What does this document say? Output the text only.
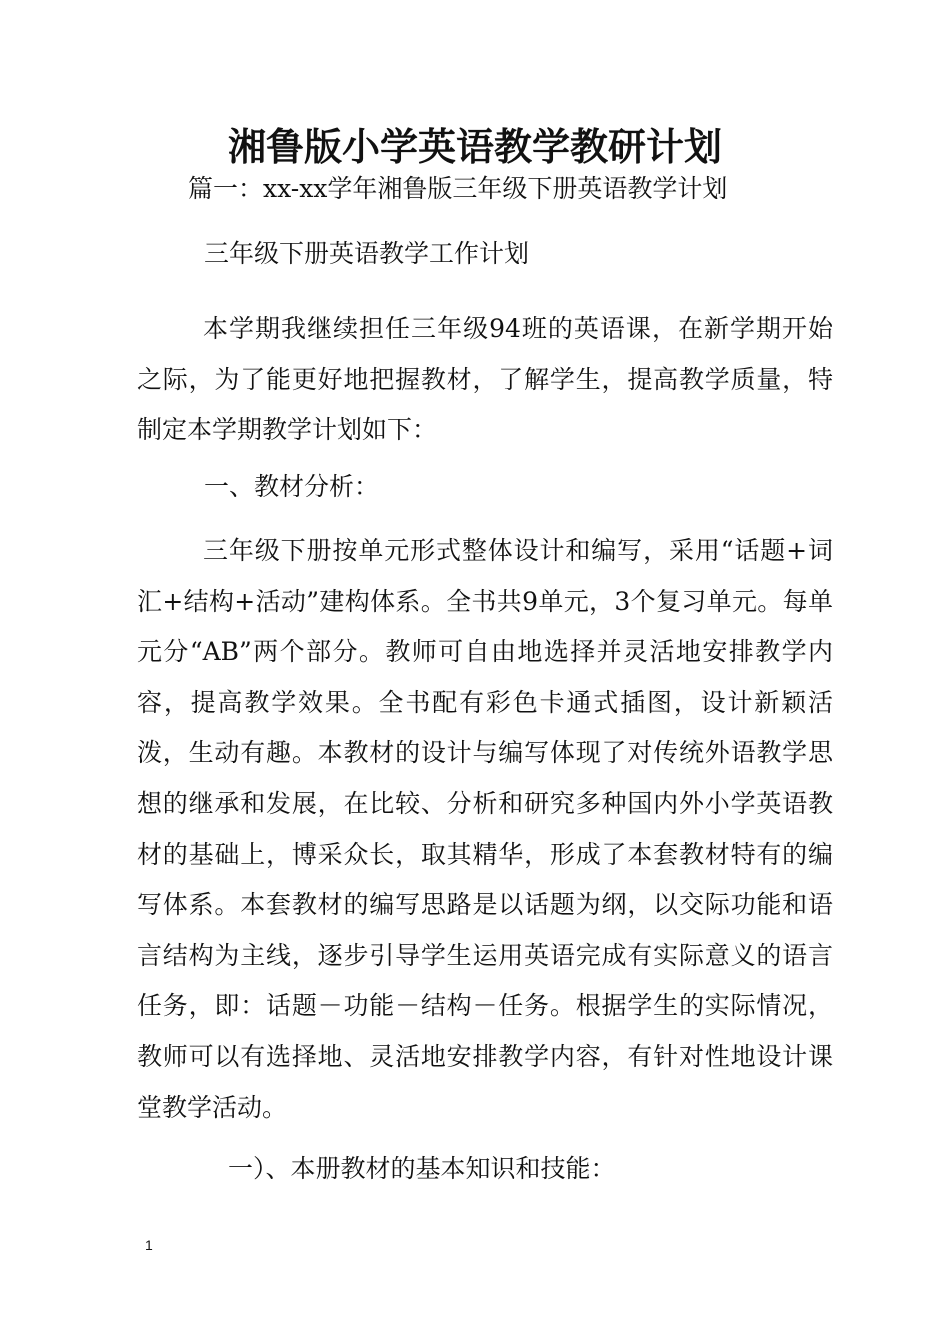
湘鲁版小学英语教学教研计划
篇一：xx-xx学年湘鲁版三年级下册英语教学计划
三年级下册英语教学工作计划

本学期我继续担任三年级94班的英语课，在新学期开始之际，为了能更好地把握教材，了解学生，提高教学质量，特制定本学期教学计划如下：

一、教材分析：

三年级下册按单元形式整体设计和编写，采用“话题+词汇+结构+活动”建构体系。全书共9单元，3个复习单元。每单元分“AB”两个部分。教师可自由地选择并灵活地安排教学内容，提高教学效果。全书配有彩色卡通式插图，设计新颖活泼，生动有趣。本教材的设计与编写体现了对传统外语教学思想的继承和发展，在比较、分析和研究多种国内外小学英语教材的基础上，博采众长，取其精华，形成了本套教材特有的编写体系。本套教材的编写思路是以话题为纲，以交际功能和语言结构为主线，逐步引导学生运用英语完成有实际意义的语言任务，即：话题－功能－结构－任务。根据学生的实际情况，教师可以有选择地、灵活地安排教学内容，有针对性地设计课堂教学活动。

一）、本册教材的基本知识和技能：
1
